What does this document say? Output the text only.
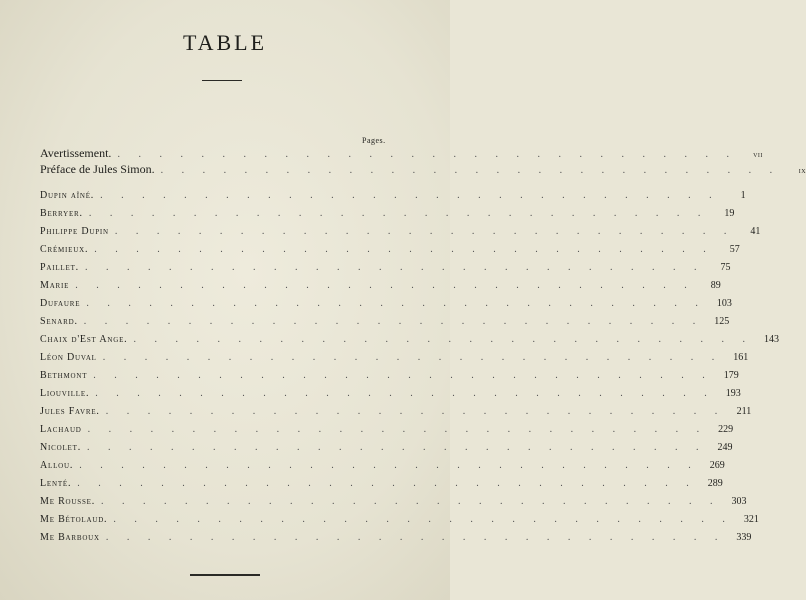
TABLE
Pages.
Avertissement. . . . . . . . . . . . . . . . . . . . . . . . . . . . . . .	vii
Préface de Jules Simon. . . . . . . . . . . . . . . . . . . . . . . . . . . . . . .	ix
Dupin aîné. . . . . . . . . . . . . . . . . . . . . . . . . . . . . . .	1
Berryer. . . . . . . . . . . . . . . . . . . . . . . . . . . . . . .	19
Philippe Dupin . . . . . . . . . . . . . . . . . . . . . . . . . . . . . .	41
Crémieux. . . . . . . . . . . . . . . . . . . . . . . . . . . . . . .	57
Paillet. . . . . . . . . . . . . . . . . . . . . . . . . . . . . . .	75
Marie . . . . . . . . . . . . . . . . . . . . . . . . . . . . . .	89
Dufaure . . . . . . . . . . . . . . . . . . . . . . . . . . . . . .	103
Senard. . . . . . . . . . . . . . . . . . . . . . . . . . . . . . .	125
Chaix d'Est Ange. . . . . . . . . . . . . . . . . . . . . . . . . . . . . . .	143
Léon Duval . . . . . . . . . . . . . . . . . . . . . . . . . . . . . .	161
Bethmont . . . . . . . . . . . . . . . . . . . . . . . . . . . . . .	179
Liouville. . . . . . . . . . . . . . . . . . . . . . . . . . . . . . .	193
Jules Favre. . . . . . . . . . . . . . . . . . . . . . . . . . . . . . .	211
Lachaud . . . . . . . . . . . . . . . . . . . . . . . . . . . . . .	229
Nicolet. . . . . . . . . . . . . . . . . . . . . . . . . . . . . . .	249
Allou. . . . . . . . . . . . . . . . . . . . . . . . . . . . . . .	269
Lenté. . . . . . . . . . . . . . . . . . . . . . . . . . . . . . .	289
Me Rousse. . . . . . . . . . . . . . . . . . . . . . . . . . . . . . .	303
Me Bétolaud. . . . . . . . . . . . . . . . . . . . . . . . . . . . . . .	321
Me Barboux . . . . . . . . . . . . . . . . . . . . . . . . . . . . . .	339
